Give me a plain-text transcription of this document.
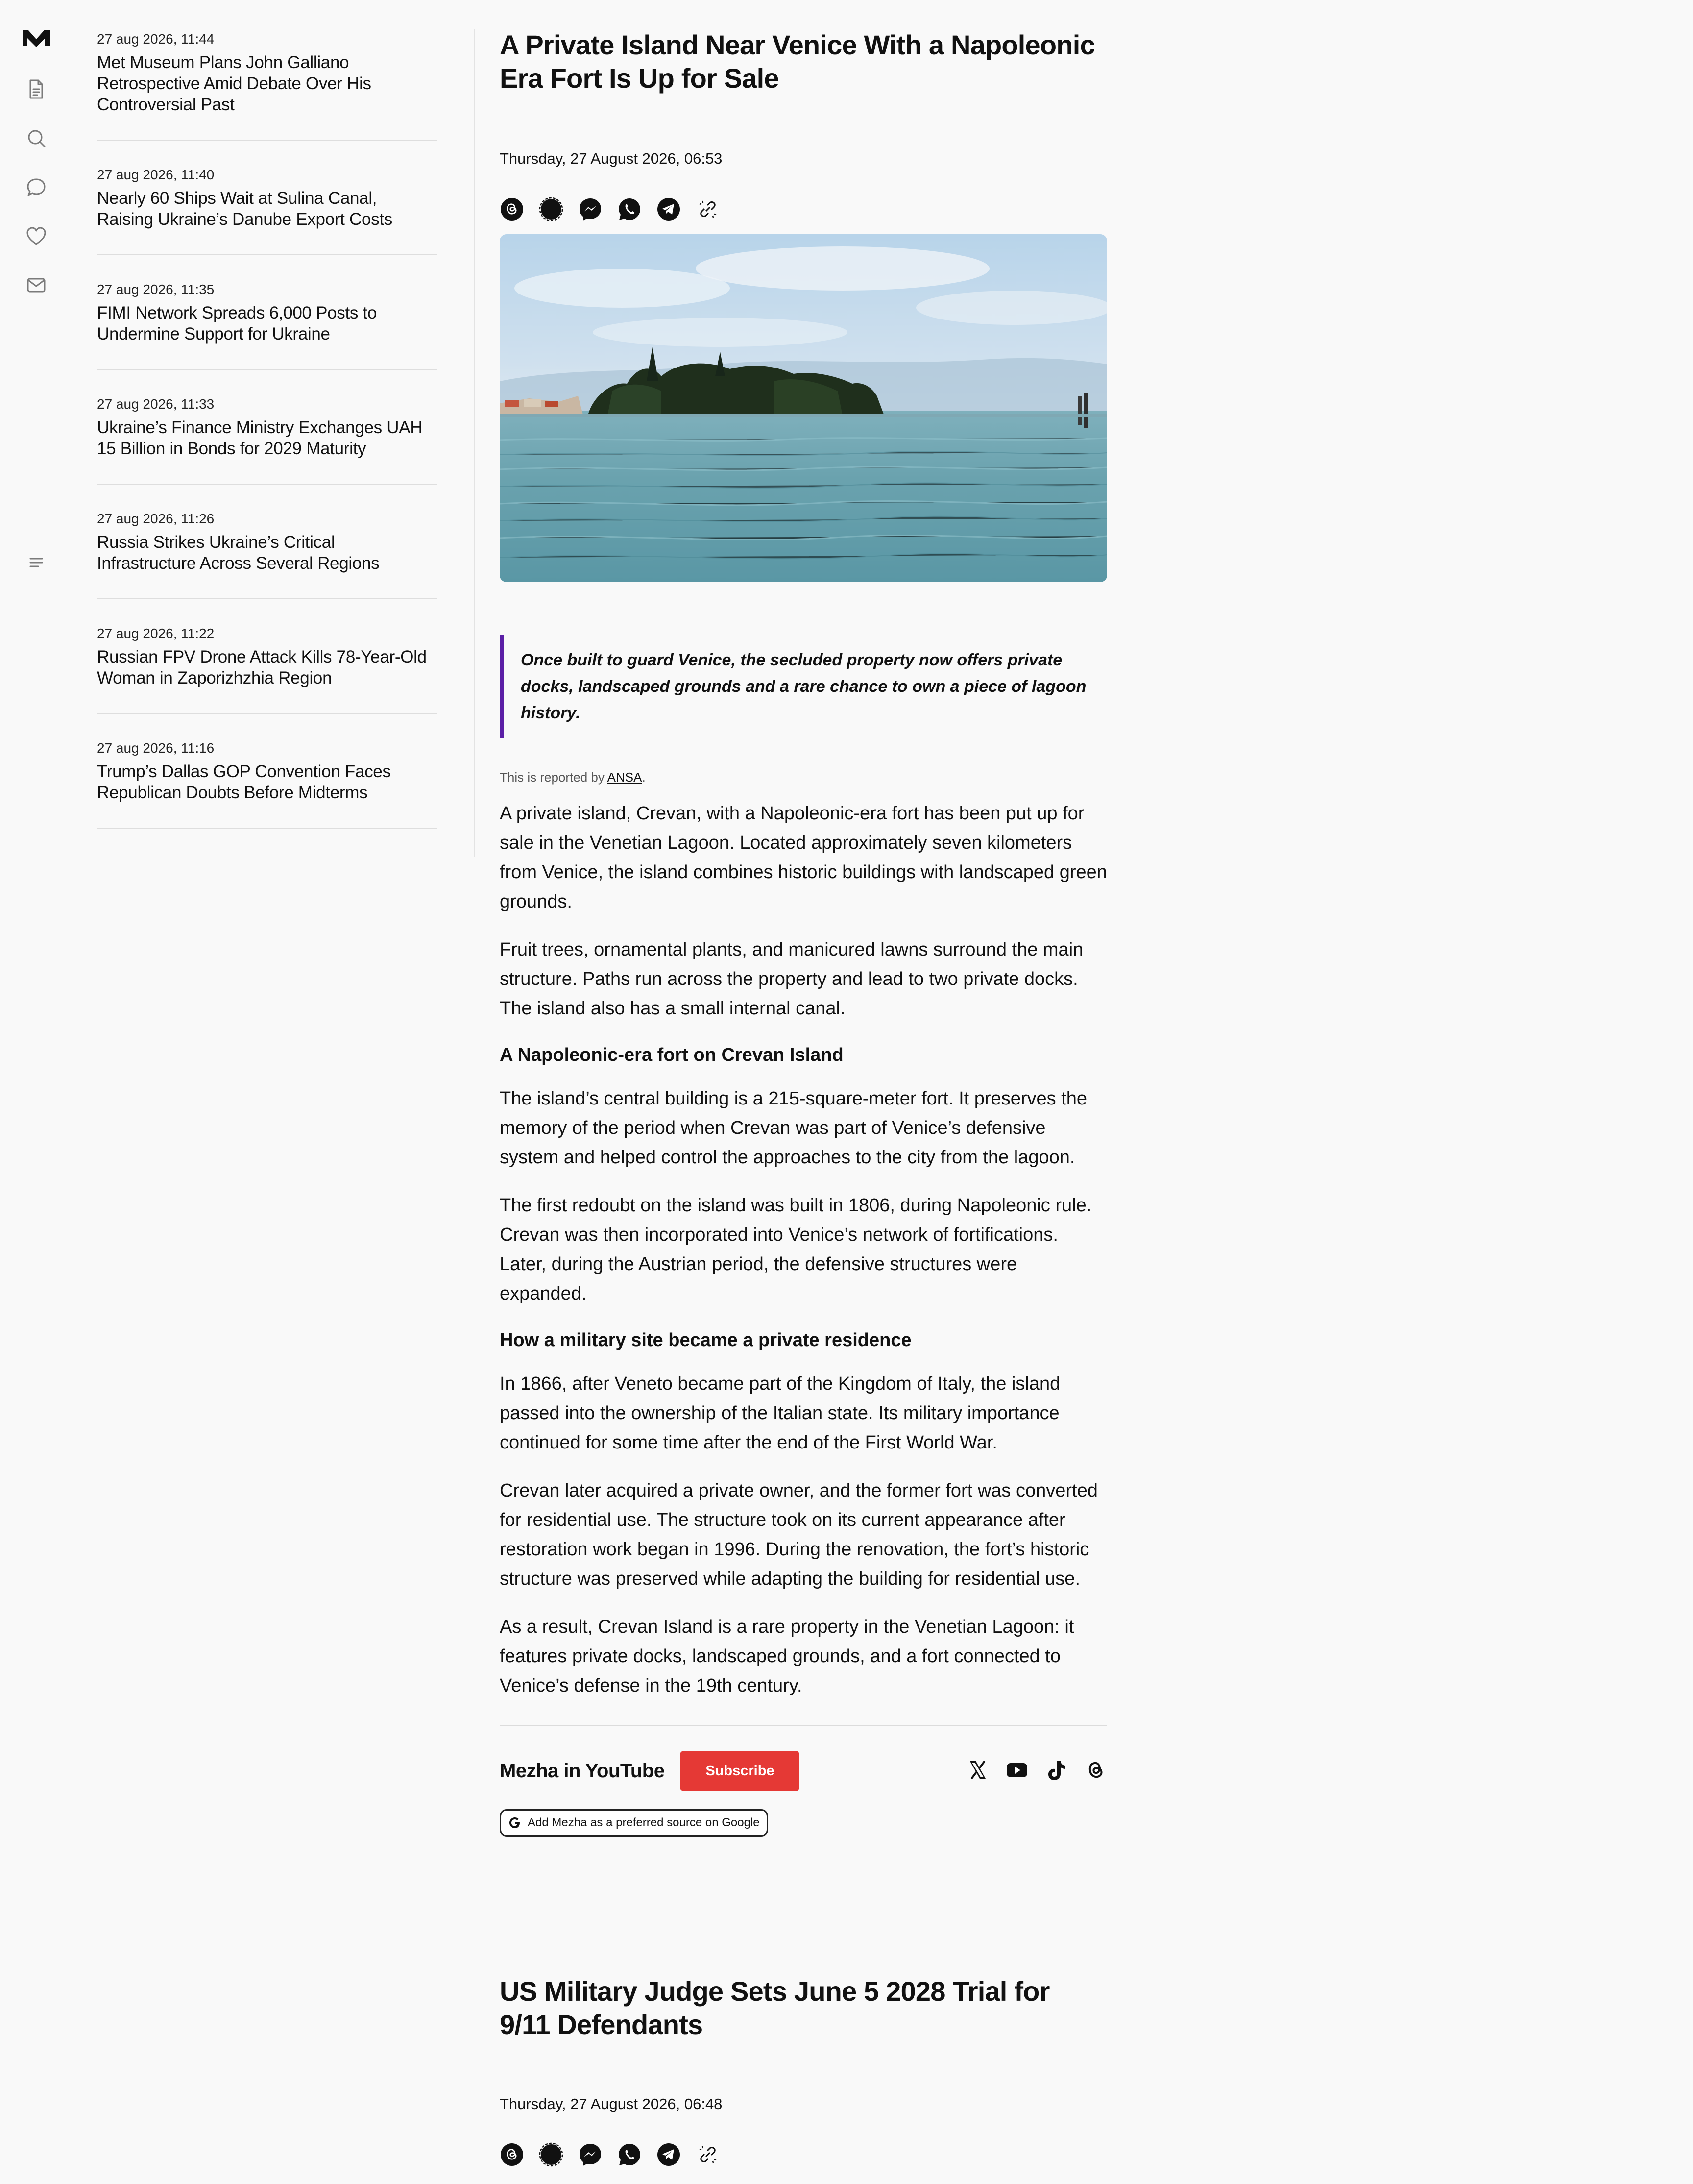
27 aug 2026, 11:44
Met Museum Plans John Galliano Retrospective Amid Debate Over His Controversial Past
27 aug 2026, 11:40
Nearly 60 Ships Wait at Sulina Canal, Raising Ukraine’s Danube Export Costs
27 aug 2026, 11:35
FIMI Network Spreads 6,000 Posts to Undermine Support for Ukraine
27 aug 2026, 11:33
Ukraine’s Finance Ministry Exchanges UAH 15 Billion in Bonds for 2029 Maturity
27 aug 2026, 11:26
Russia Strikes Ukraine’s Critical Infrastructure Across Several Regions
27 aug 2026, 11:22
Russian FPV Drone Attack Kills 78-Year-Old Woman in Zaporizhzhia Region
27 aug 2026, 11:16
Trump’s Dallas GOP Convention Faces Republican Doubts Before Midterms
A Private Island Near Venice With a Napoleonic Era Fort Is Up for Sale
Thursday, 27 August 2026, 06:53

Once built to guard Venice, the secluded property now offers private docks, landscaped grounds and a rare chance to own a piece of lagoon history.

This is reported by ANSA.

A private island, Crevan, with a Napoleonic-era fort has been put up for sale in the Venetian Lagoon. Located approximately seven kilometers from Venice, the island combines historic buildings with landscaped green grounds.

Fruit trees, ornamental plants, and manicured lawns surround the main structure. Paths run across the property and lead to two private docks. The island also has a small internal canal.

A Napoleonic-era fort on Crevan Island

The island’s central building is a 215-square-meter fort. It preserves the memory of the period when Crevan was part of Venice’s defensive system and helped control the approaches to the city from the lagoon.

The first redoubt on the island was built in 1806, during Napoleonic rule. Crevan was then incorporated into Venice’s network of fortifications. Later, during the Austrian period, the defensive structures were expanded.

How a military site became a private residence

In 1866, after Veneto became part of the Kingdom of Italy, the island passed into the ownership of the Italian state. Its military importance continued for some time after the end of the First World War.

Crevan later acquired a private owner, and the former fort was converted for residential use. The structure took on its current appearance after restoration work began in 1996. During the renovation, the fort’s historic structure was preserved while adapting the building for residential use.

As a result, Crevan Island is a rare property in the Venetian Lagoon: it features private docks, landscaped grounds, and a fort connected to Venice’s defense in the 19th century.

Mezha in YouTube	Subscribe
Add Mezha as a preferred source on Google
US Military Judge Sets June 5 2028 Trial for 9/11 Defendants
Thursday, 27 August 2026, 06:48
